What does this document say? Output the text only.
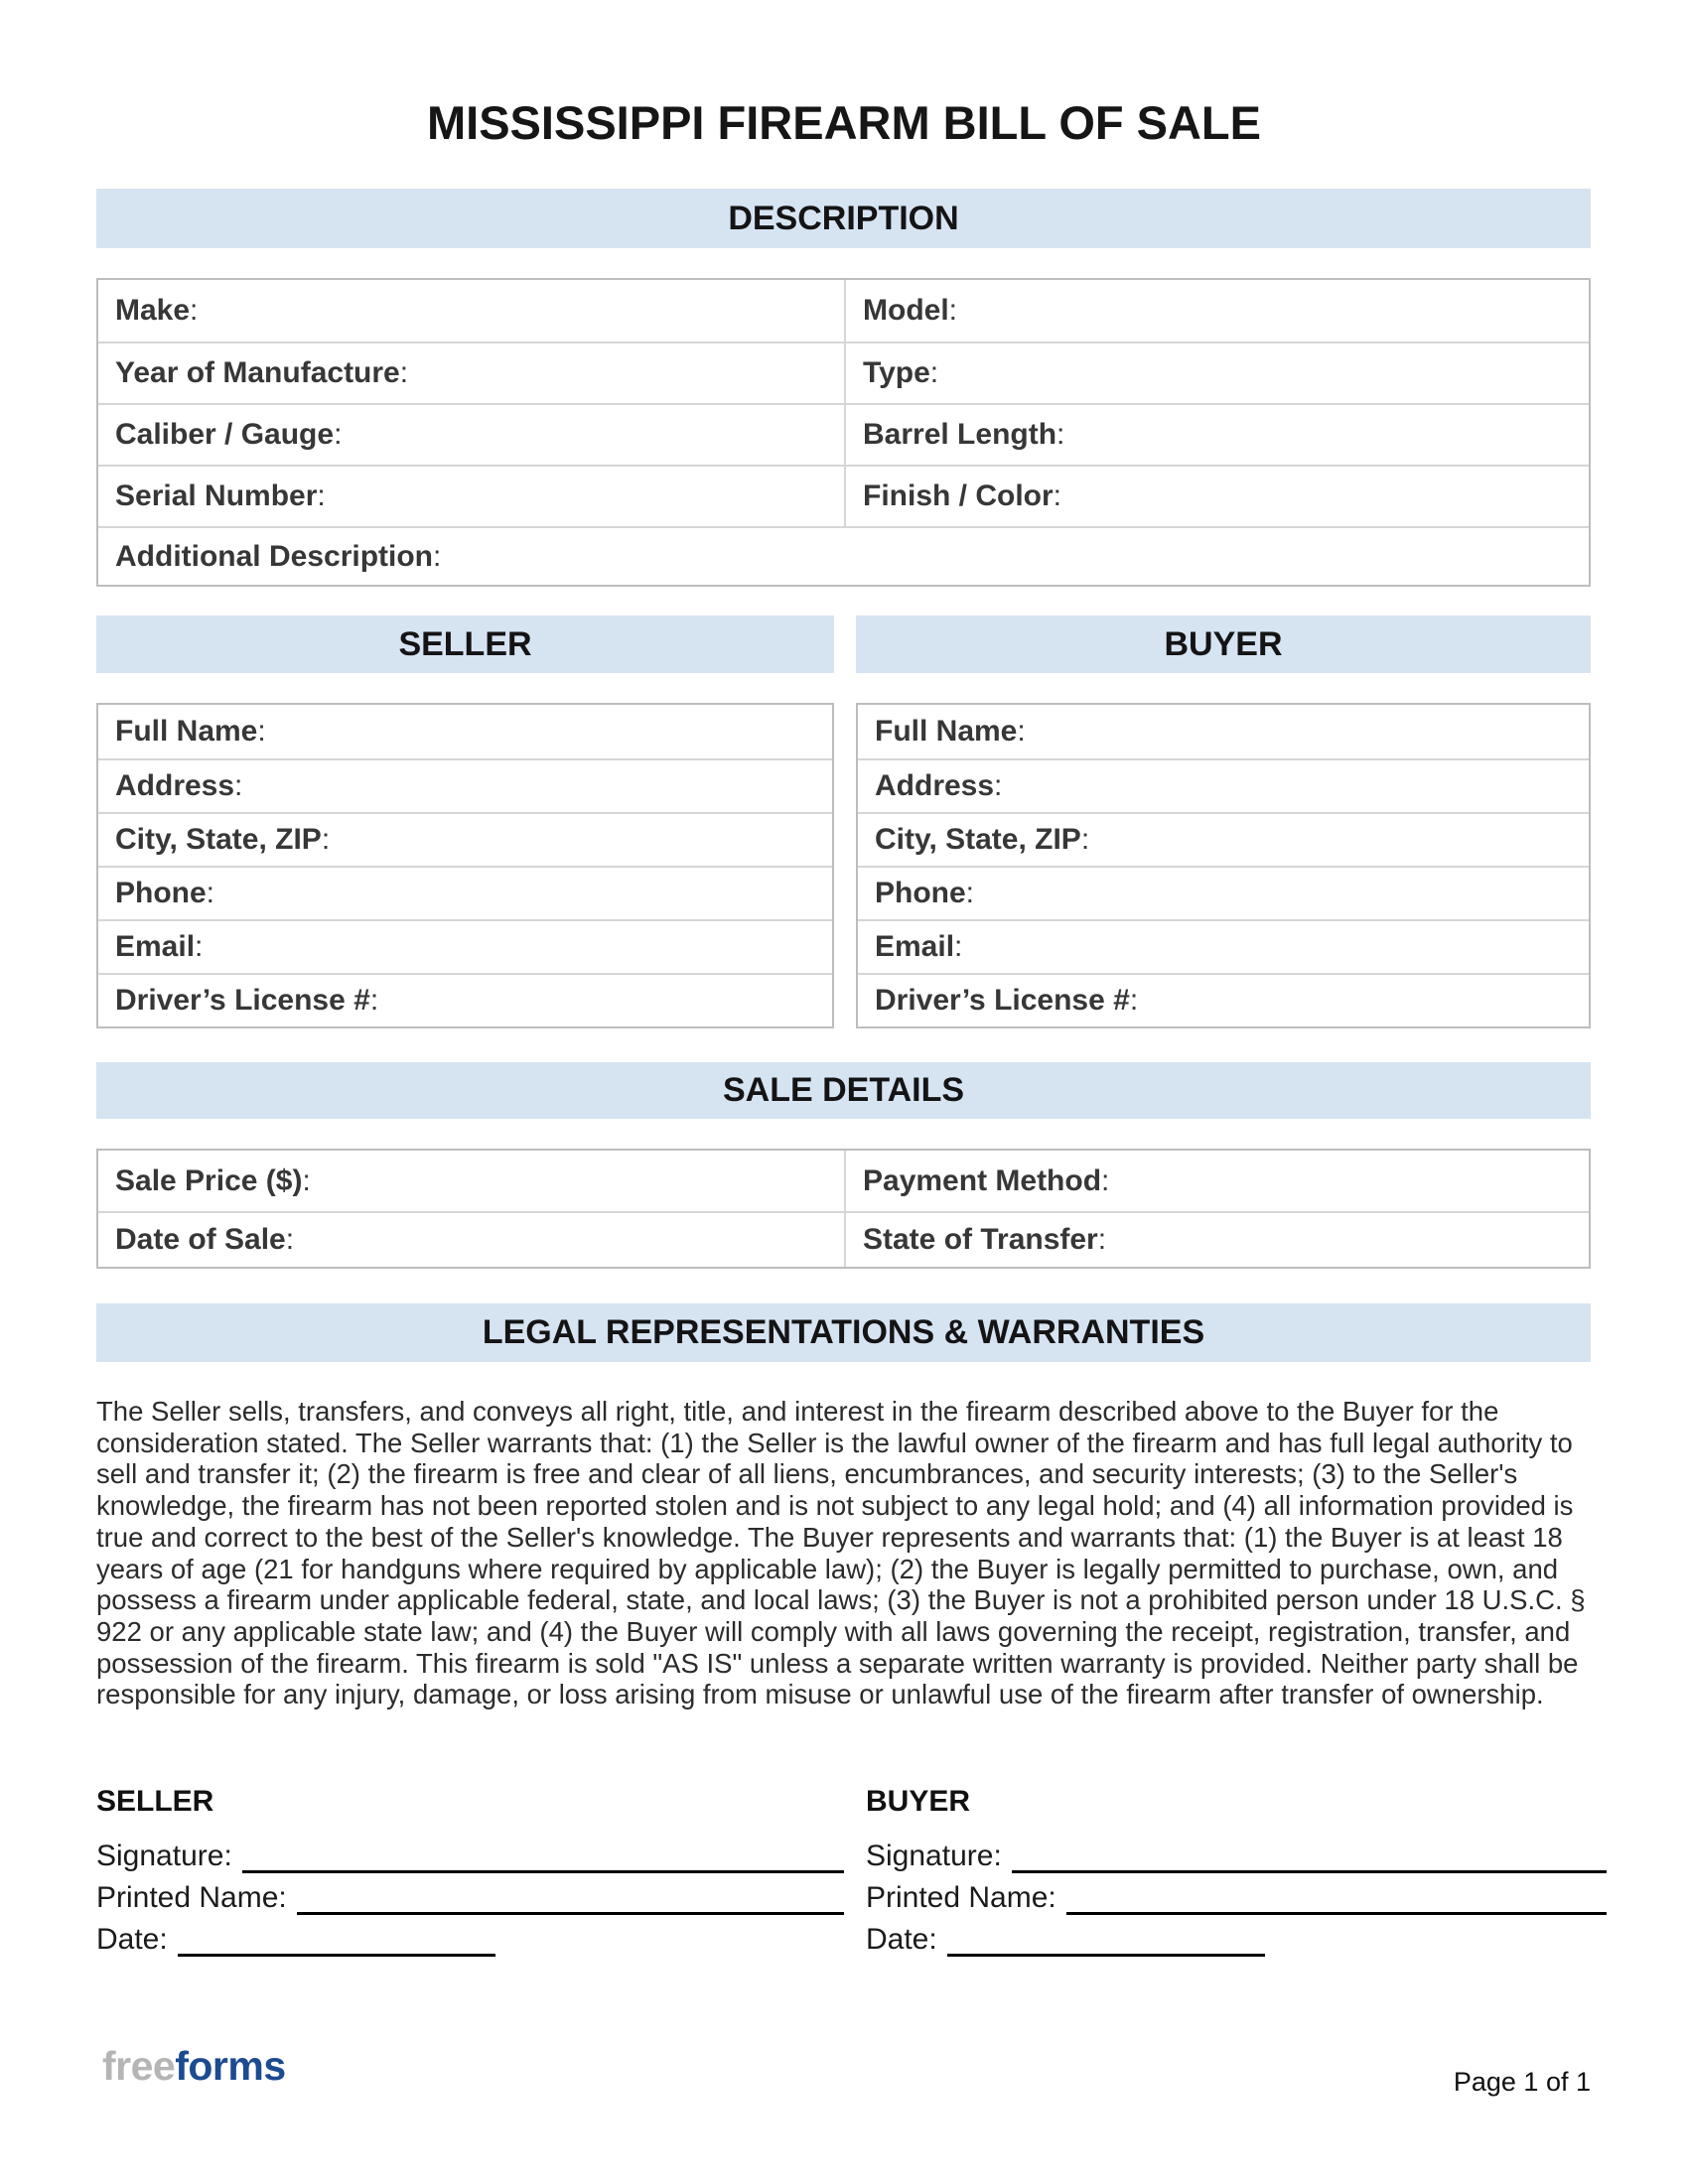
MISSISSIPPI FIREARM BILL OF SALE
DESCRIPTION
Make :	Model :
Year of Manufacture :	Type :
Caliber / Gauge :	Barrel Length :
Serial Number :	Finish / Color :
Additional Description :
SELLER	BUYER
Full Name :
Address :
City, State, ZIP :
Phone :
Email :
Driver’s License # :
Full Name :
Address :
City, State, ZIP :
Phone :
Email :
Driver’s License # :
SALE DETAILS
Sale Price ($) :	Payment Method :
Date of Sale :	State of Transfer :
LEGAL REPRESENTATIONS & WARRANTIES

The Seller sells, transfers, and conveys all right, title, and interest in the firearm described above to the Buyer for the consideration stated. The Seller warrants that: (1) the Seller is the lawful owner of the firearm and has full legal authority to sell and transfer it; (2) the firearm is free and clear of all liens, encumbrances, and security interests; (3) to the Seller's knowledge, the firearm has not been reported stolen and is not subject to any legal hold; and (4) all information provided is true and correct to the best of the Seller's knowledge. The Buyer represents and warrants that: (1) the Buyer is at least 18 years of age (21 for handguns where required by applicable law); (2) the Buyer is legally permitted to purchase, own, and possess a firearm under applicable federal, state, and local laws; (3) the Buyer is not a prohibited person under 18 U.S.C. § 922 or any applicable state law; and (4) the Buyer will comply with all laws governing the receipt, registration, transfer, and possession of the firearm. This firearm is sold "AS IS" unless a separate written warranty is provided. Neither party shall be responsible for any injury, damage, or loss arising from misuse or unlawful use of the firearm after transfer of ownership.

SELLER	BUYER
Signature:
Printed Name:
Date:
Signature:
Printed Name:
Date:
freeforms	Page 1 of 1
